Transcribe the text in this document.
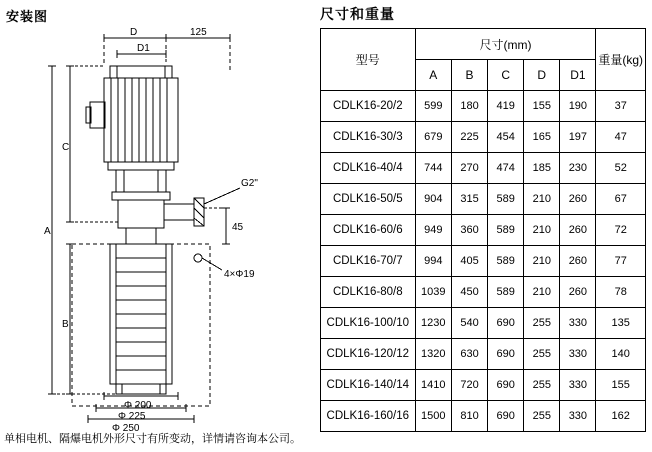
安装图
D
D1
125
G2"
45
4×Φ19
Φ 200
Φ 225
Φ 250
A
B
C
单相电机、隔爆电机外形尺寸有所变动，详情请咨询本公司。
尺寸和重量
型号	尺寸(mm)					重量(kg)
	A	B	C	D	D1	
CDLK16-20/2	599	180	419	155	190	37
CDLK16-30/3	679	225	454	165	197	47
CDLK16-40/4	744	270	474	185	230	52
CDLK16-50/5	904	315	589	210	260	67
CDLK16-60/6	949	360	589	210	260	72
CDLK16-70/7	994	405	589	210	260	77
CDLK16-80/8	1039	450	589	210	260	78
CDLK16-100/10	1230	540	690	255	330	135
CDLK16-120/12	1320	630	690	255	330	140
CDLK16-140/14	1410	720	690	255	330	155
CDLK16-160/16	1500	810	690	255	330	162
